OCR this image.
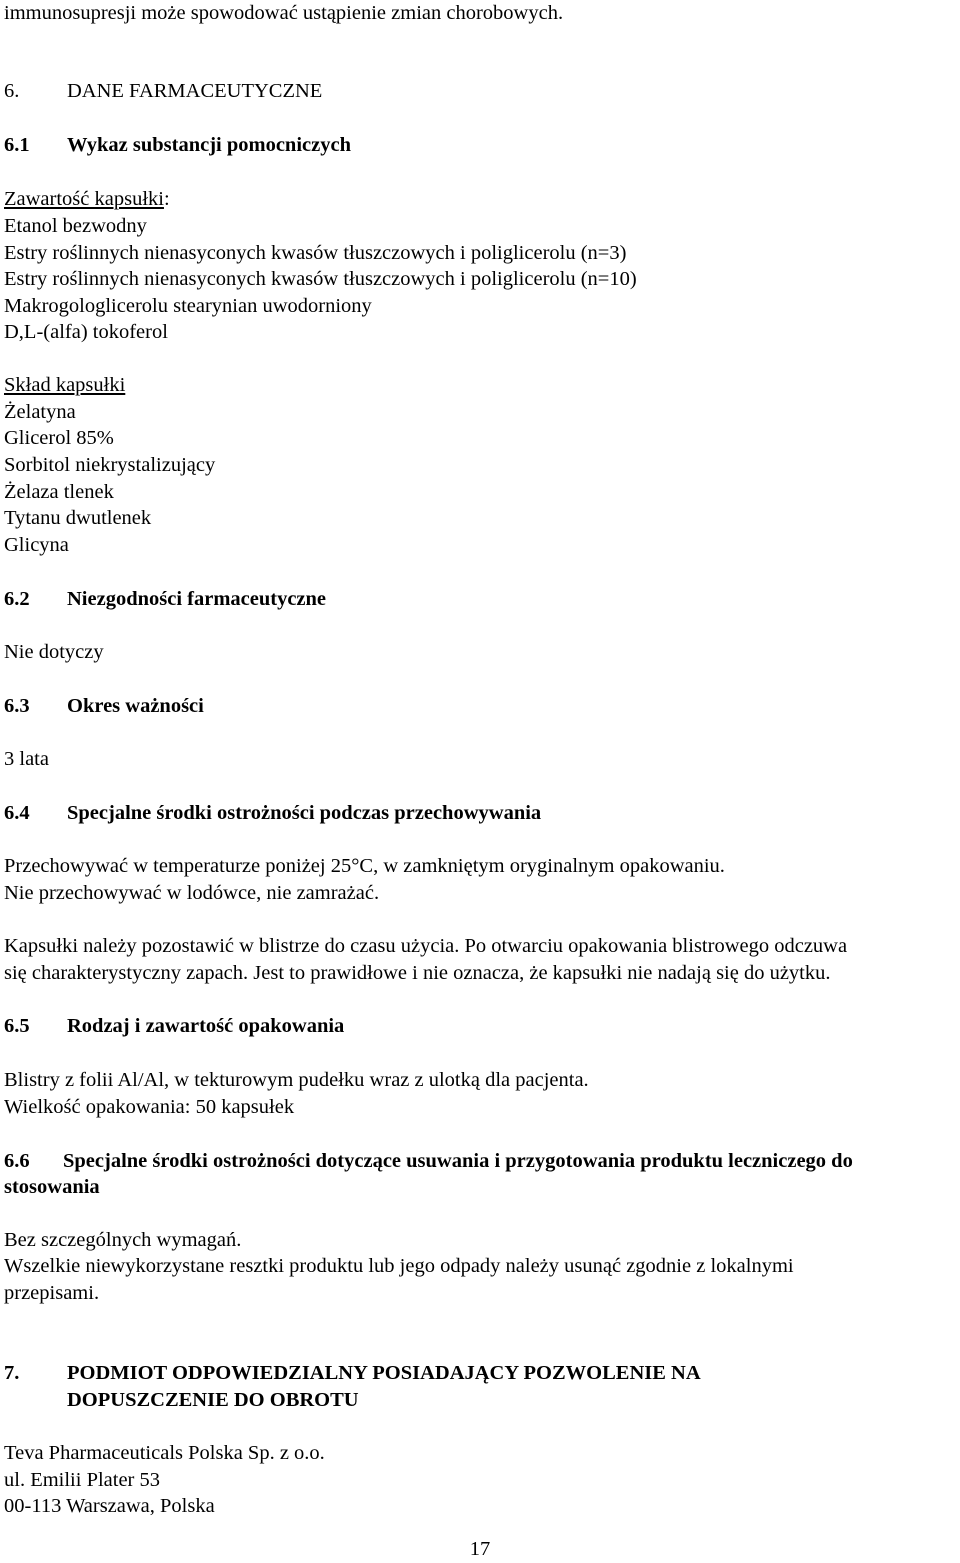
immunosupresji może spowodować ustąpienie zmian chorobowych.
6. DANE FARMACEUTYCZNE
6.1 Wykaz substancji pomocniczych
Zawartość kapsułki:
Etanol bezwodny
Estry roślinnych nienasyconych kwasów tłuszczowych i poliglicerolu (n=3)
Estry roślinnych nienasyconych kwasów tłuszczowych i poliglicerolu (n=10)
Makrogologlicerolu stearynian uwodorniony
D,L-(alfa) tokoferol
Skład kapsułki
Żelatyna
Glicerol 85%
Sorbitol niekrystalizujący
Żelaza tlenek
Tytanu dwutlenek
Glicyna
6.2 Niezgodności farmaceutyczne
Nie dotyczy
6.3 Okres ważności
3 lata
6.4 Specjalne środki ostrożności podczas przechowywania
Przechowywać w temperaturze poniżej 25°C, w zamkniętym oryginalnym opakowaniu.
Nie przechowywać w lodówce, nie zamrażać.
Kapsułki należy pozostawić w blistrze do czasu użycia. Po otwarciu opakowania blistrowego odczuwa
się charakterystyczny zapach. Jest to prawidłowe i nie oznacza, że kapsułki nie nadają się do użytku.
6.5 Rodzaj i zawartość opakowania
Blistry z folii Al/Al, w tekturowym pudełku wraz z ulotką dla pacjenta.
Wielkość opakowania: 50 kapsułek
6.6 Specjalne środki ostrożności dotyczące usuwania i przygotowania produktu leczniczego do
stosowania
Bez szczególnych wymagań.
Wszelkie niewykorzystane resztki produktu lub jego odpady należy usunąć zgodnie z lokalnymi
przepisami.
7. PODMIOT ODPOWIEDZIALNY POSIADAJĄCY POZWOLENIE NA
DOPUSZCZENIE DO OBROTU
Teva Pharmaceuticals Polska Sp. z o.o.
ul. Emilii Plater 53
00-113 Warszawa, Polska
17
